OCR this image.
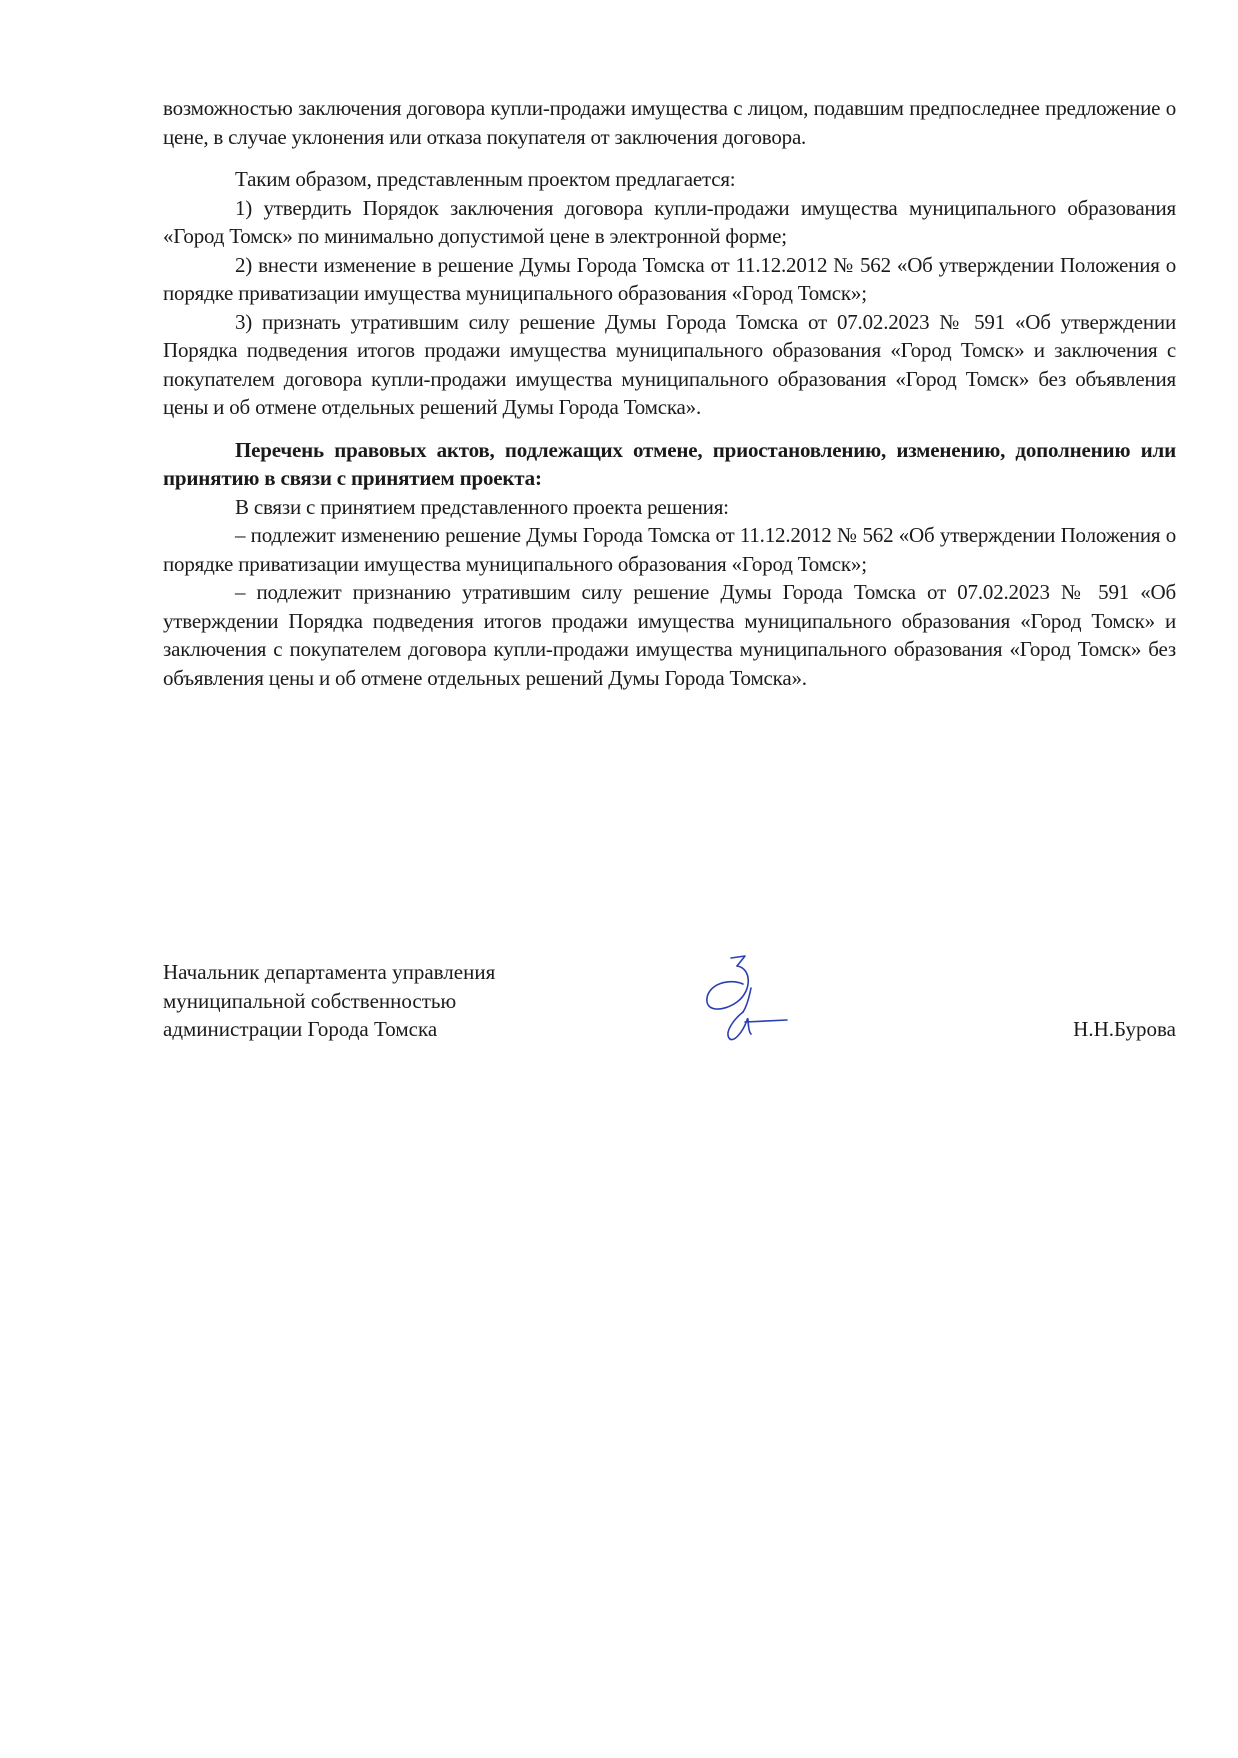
возможностью заключения договора купли-продажи имущества с лицом, подавшим предпоследнее предложение о цене, в случае уклонения или отказа покупателя от заключения договора.

Таким образом, представленным проектом предлагается:

1) утвердить Порядок заключения договора купли-продажи имущества муниципального образования «Город Томск» по минимально допустимой цене в электронной форме;

2) внести изменение в решение Думы Города Томска от 11.12.2012 № 562 «Об утверждении Положения о порядке приватизации имущества муниципального образования «Город Томск»;

3) признать утратившим силу решение Думы Города Томска от 07.02.2023 № 591 «Об утверждении Порядка подведения итогов продажи имущества муниципального образования «Город Томск» и заключения с покупателем договора купли-продажи имущества муниципального образования «Город Томск» без объявления цены и об отмене отдельных решений Думы Города Томска».

Перечень правовых актов, подлежащих отмене, приостановлению, изменению, дополнению или принятию в связи с принятием проекта:

В связи с принятием представленного проекта решения:

– подлежит изменению решение Думы Города Томска от 11.12.2012 № 562 «Об утверждении Положения о порядке приватизации имущества муниципального образования «Город Томск»;

– подлежит признанию утратившим силу решение Думы Города Томска от 07.02.2023 № 591 «Об утверждении Порядка подведения итогов продажи имущества муниципального образования «Город Томск» и заключения с покупателем договора купли-продажи имущества муниципального образования «Город Томск» без объявления цены и об отмене отдельных решений Думы Города Томска».

Начальник департамента управления
муниципальной собственностью
администрации Города Томска	Н.Н.Бурова
